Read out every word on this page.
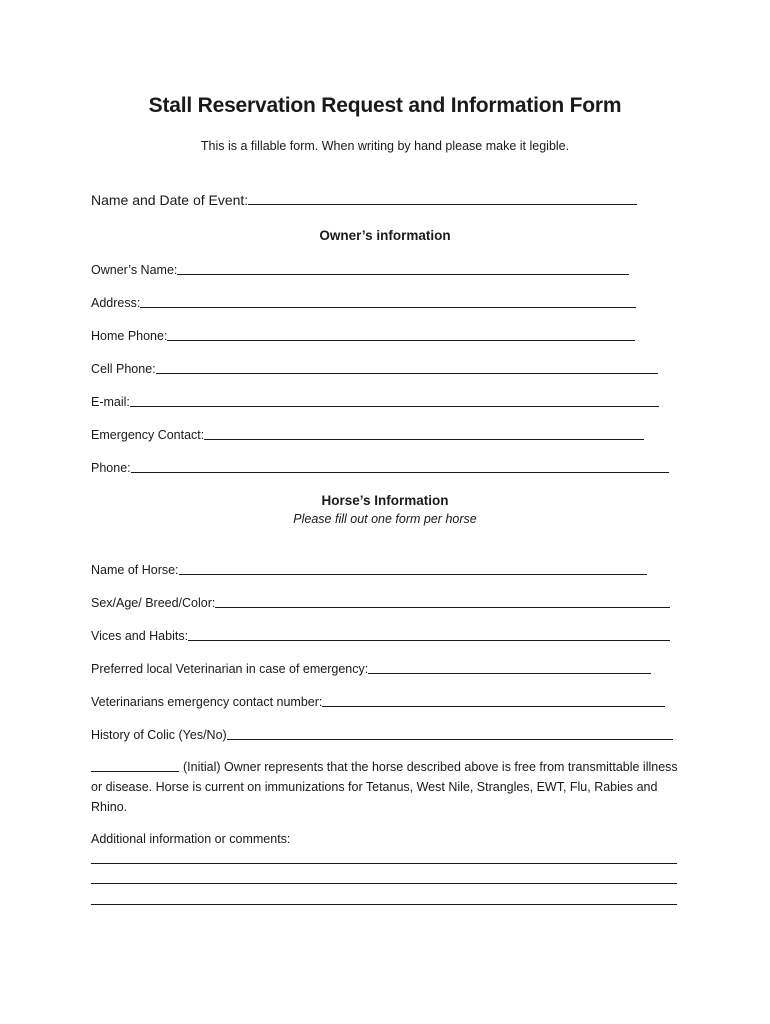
Stall Reservation Request and Information Form
This is a fillable form. When writing by hand please make it legible.
Name and Date of Event:
Owner’s information
Owner’s Name:
Address:
Home Phone:
Cell Phone:
E-mail:
Emergency Contact:
Phone:
Horse’s Information
Please fill out one form per horse
Name of Horse:
Sex/Age/ Breed/Color:
Vices and Habits:
Preferred local Veterinarian in case of emergency:
Veterinarians emergency contact number:
History of Colic (Yes/No)
(Initial) Owner represents that the horse described above is free from transmittable illness or disease. Horse is current on immunizations for Tetanus, West Nile, Strangles, EWT, Flu, Rabies and Rhino.
Additional information or comments:
